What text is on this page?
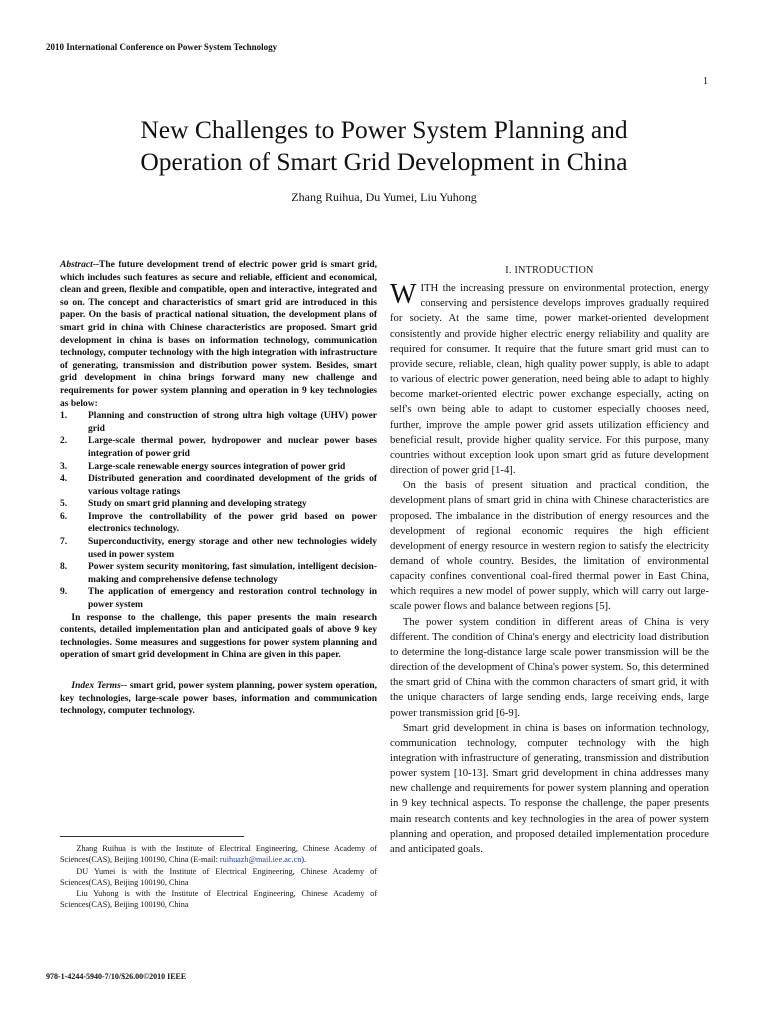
2010 International Conference on Power System Technology
1
New Challenges to Power System Planning and
Operation of Smart Grid Development in China
Zhang Ruihua, Du Yumei, Liu Yuhong

Abstract--The future development trend of electric power grid is smart grid, which includes such features as secure and reliable, efficient and economical, clean and green, flexible and compatible, open and interactive, integrated and so on. The concept and characteristics of smart grid are introduced in this paper. On the basis of practical national situation, the development plans of smart grid in china with Chinese characteristics are proposed. Smart grid development in china is bases on information technology, communication technology, computer technology with the high integration with infrastructure of generating, transmission and distribution power system. Besides, smart grid development in china brings forward many new challenge and requirements for power system planning and operation in 9 key technologies as below:

1. Planning and construction of strong ultra high voltage (UHV) power grid
2. Large-scale thermal power, hydropower and nuclear power bases integration of power grid
3. Large-scale renewable energy sources integration of power grid
4. Distributed generation and coordinated development of the grids of various voltage ratings
5. Study on smart grid planning and developing strategy
6. Improve the controllability of the power grid based on power electronics technology.
7. Superconductivity, energy storage and other new technologies widely used in power system
8. Power system security monitoring, fast simulation, intelligent decision-making and comprehensive defense technology
9. The application of emergency and restoration control technology in power system

In response to the challenge, this paper presents the main research contents, detailed implementation plan and anticipated goals of above 9 key technologies. Some measures and suggestions for power system planning and operation of smart grid development in China are given in this paper.

Index Terms-- smart grid, power system planning, power system operation, key technologies, large-scale power bases, information and communication technology, computer technology.

Zhang Ruihua is with the Institute of Electrical Engineering, Chinese Academy of Sciences(CAS), Beijing 100190, China (E-mail: ruihuazh@mail.iee.ac.cn).

DU Yumei is with the Institute of Electrical Engineering, Chinese Academy of Sciences(CAS), Beijing 100190, China

Liu Yuhong is with the Institute of Electrical Engineering, Chinese Academy of Sciences(CAS), Beijing 100190, China

978-1-4244-5940-7/10/$26.00©2010 IEEE

I. INTRODUCTION

WITH the increasing pressure on environmental protection, energy conserving and persistence develops improves gradually required for society. At the same time, power market-oriented development consistently and provide higher electric energy reliability and quality are required for consumer. It require that the future smart grid must can to provide secure, reliable, clean, high quality power supply, is able to adapt to various of electric power generation, need being able to adapt to highly become market-oriented electric power exchange especially, acting on self's own being able to adapt to customer especially chooses need, further, improve the ample power grid assets utilization efficiency and beneficial result, provide higher quality service. For this purpose, many countries without exception look upon smart grid as future development direction of power grid [1-4].

On the basis of present situation and practical condition, the development plans of smart grid in china with Chinese characteristics are proposed. The imbalance in the distribution of energy resources and the development of regional economic requires the high efficient development of energy resource in western region to satisfy the electricity demand of whole country. Besides, the limitation of environmental capacity confines conventional coal-fired thermal power in East China, which requires a new model of power supply, which will carry out large-scale power flows and balance between regions [5].

The power system condition in different areas of China is very different. The condition of China's energy and electricity load distribution to determine the long-distance large scale power transmission will be the direction of the development of China's power system. So, this determined the smart grid of China with the common characters of smart grid, it with the unique characters of large sending ends, large receiving ends, large power transmission grid [6-9].

Smart grid development in china is bases on information technology, communication technology, computer technology with the high integration with infrastructure of generating, transmission and distribution power system [10-13]. Smart grid development in china addresses many new challenge and requirements for power system planning and operation in 9 key technical aspects. To response the challenge, the paper presents main research contents and key technologies in the area of power system planning and operation, and proposed detailed implementation procedure and anticipated goals.
